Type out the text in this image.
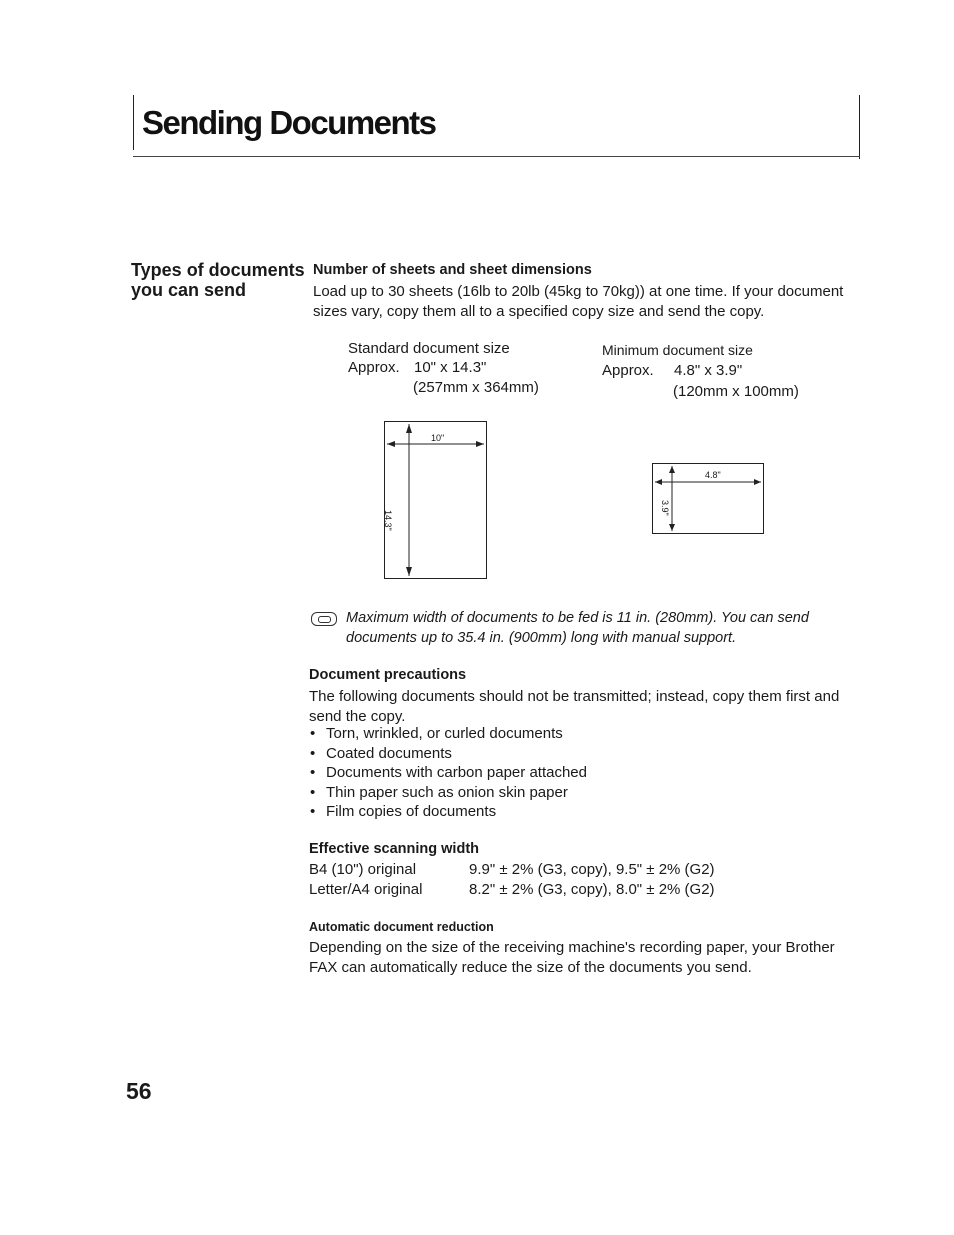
Sending Documents
Types of documents you can send
Number of sheets and sheet dimensions
Load up to 30 sheets (16lb to 20lb (45kg to 70kg)) at one time. If your document sizes vary, copy them all to a specified copy size and send the copy.
Standard document size
Approx. 10" x 14.3"
(257mm x 364mm)
Minimum document size
Approx. 4.8" x 3.9"
(120mm x 100mm)
10"
14.3"
4.8"
3.9"
Maximum width of documents to be fed is 11 in. (280mm). You can send documents up to 35.4 in. (900mm) long with manual support.
Document precautions
The following documents should not be transmitted; instead, copy them first and send the copy.
• Torn, wrinkled, or curled documents
• Coated documents
• Documents with carbon paper attached
• Thin paper such as onion skin paper
• Film copies of documents
Effective scanning width
B4 (10") original	9.9" ± 2% (G3, copy), 9.5" ± 2% (G2)
Letter/A4 original	8.2" ± 2% (G3, copy), 8.0" ± 2% (G2)
Automatic document reduction
Depending on the size of the receiving machine's recording paper, your Brother FAX can automatically reduce the size of the documents you send.
56
